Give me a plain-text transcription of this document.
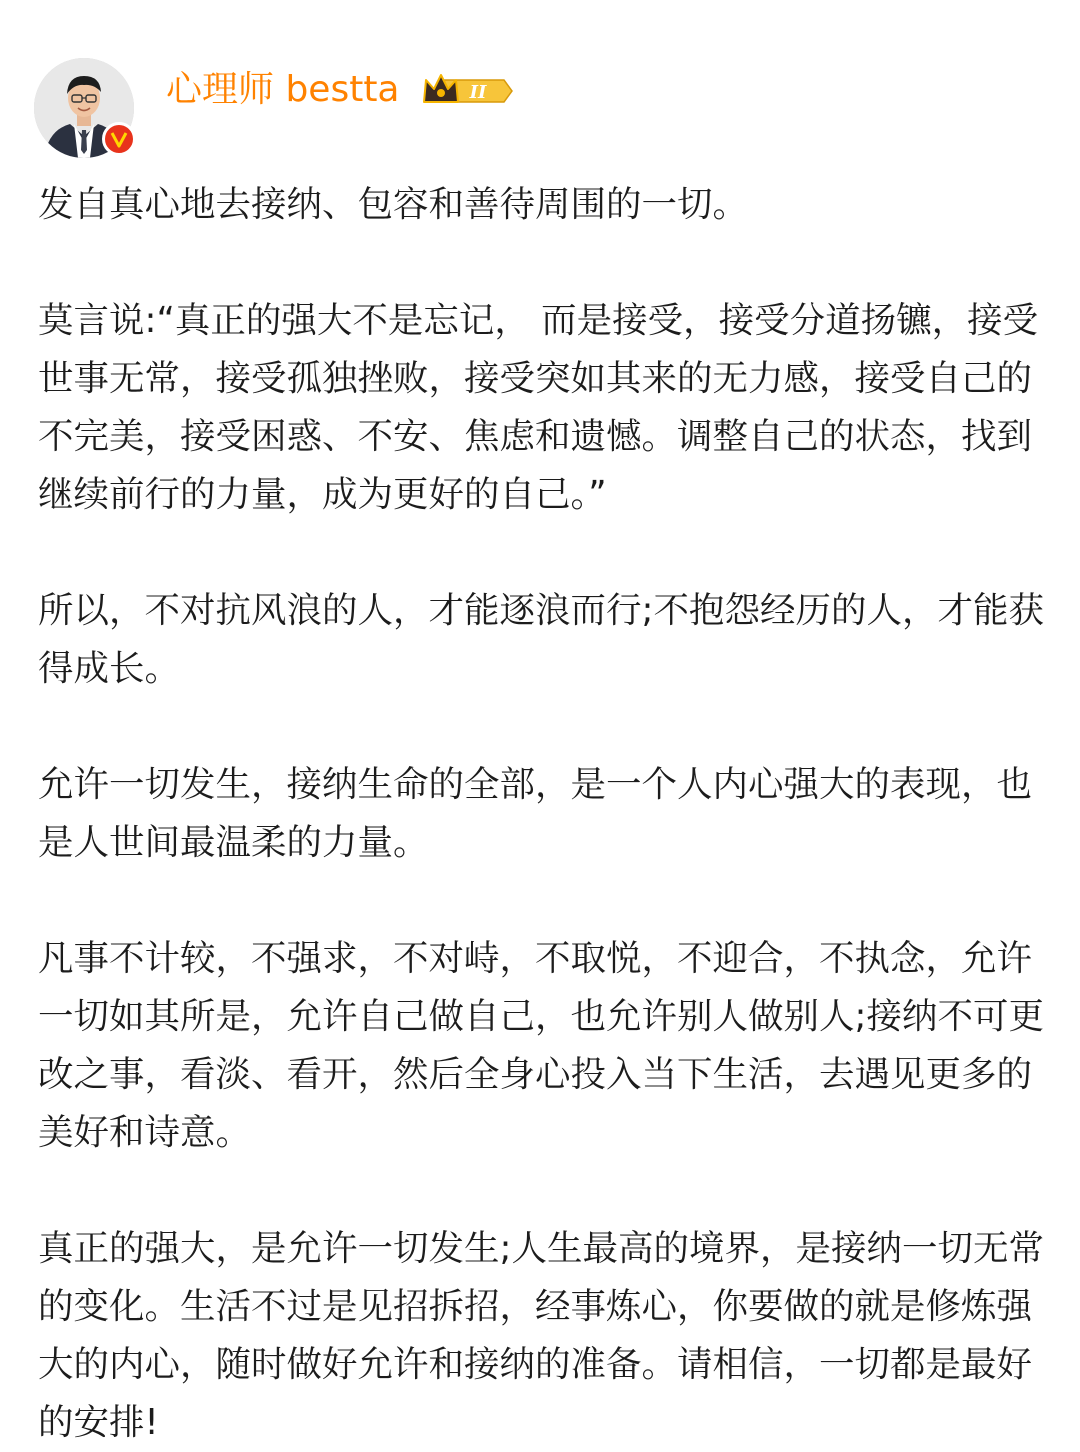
心理师 bestta	II

发自真心地去接纳、包容和善待周围的一切。

莫言说:“真正的强大不是忘记， 而是接受，接受分道扬镳，接受世事无常，接受孤独挫败，接受突如其来的无力感，接受自己的不完美，接受困惑、不安、焦虑和遗憾。调整自己的状态，找到继续前行的力量，成为更好的自己。”

所以，不对抗风浪的人，才能逐浪而行;不抱怨经历的人，才能获得成长。

允许一切发生，接纳生命的全部，是一个人内心强大的表现，也是人世间最温柔的力量。

凡事不计较，不强求，不对峙，不取悦，不迎合，不执念，允许一切如其所是，允许自己做自己，也允许别人做别人;接纳不可更改之事，看淡、看开，然后全身心投入当下生活，去遇见更多的美好和诗意。

真正的强大，是允许一切发生;人生最高的境界，是接纳一切无常的变化。生活不过是见招拆招，经事炼心，你要做的就是修炼强大的内心，随时做好允许和接纳的准备。请相信，一切都是最好的安排!
